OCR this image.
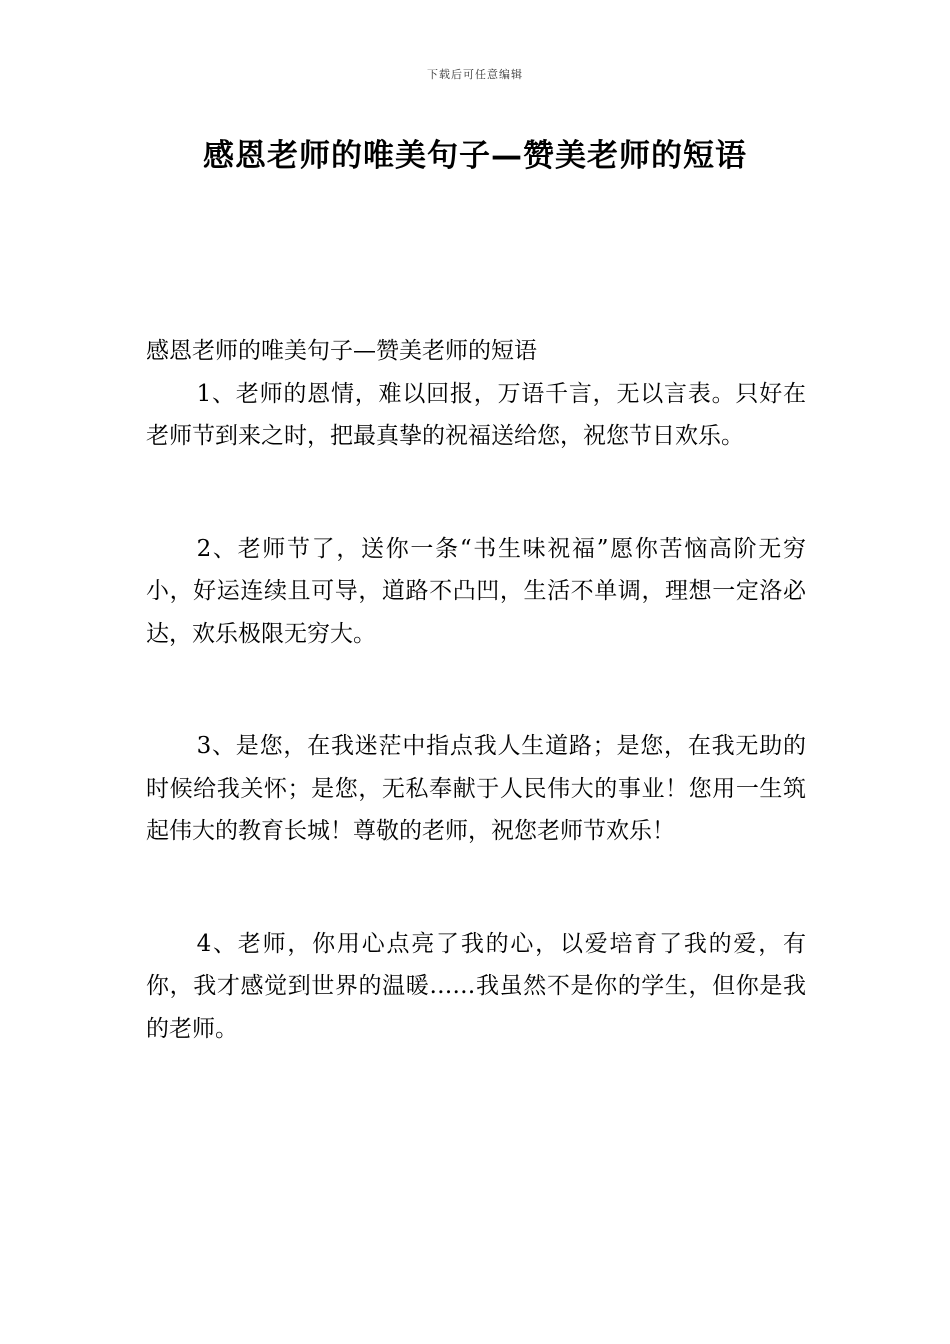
下载后可任意编辑
感恩老师的唯美句子—赞美老师的短语

感恩老师的唯美句子—赞美老师的短语

1、老师的恩情，难以回报，万语千言，无以言表。只好在老师节到来之时，把最真挚的祝福送给您，祝您节日欢乐。

2、老师节了，送你一条“书生味祝福”愿你苦恼高阶无穷小，好运连续且可导，道路不凸凹，生活不单调，理想一定洛必达，欢乐极限无穷大。

3、是您，在我迷茫中指点我人生道路；是您，在我无助的时候给我关怀；是您，无私奉献于人民伟大的事业！您用一生筑起伟大的教育长城！尊敬的老师，祝您老师节欢乐！

4、老师，你用心点亮了我的心，以爱培育了我的爱，有你，我才感觉到世界的温暖……我虽然不是你的学生，但你是我的老师。
